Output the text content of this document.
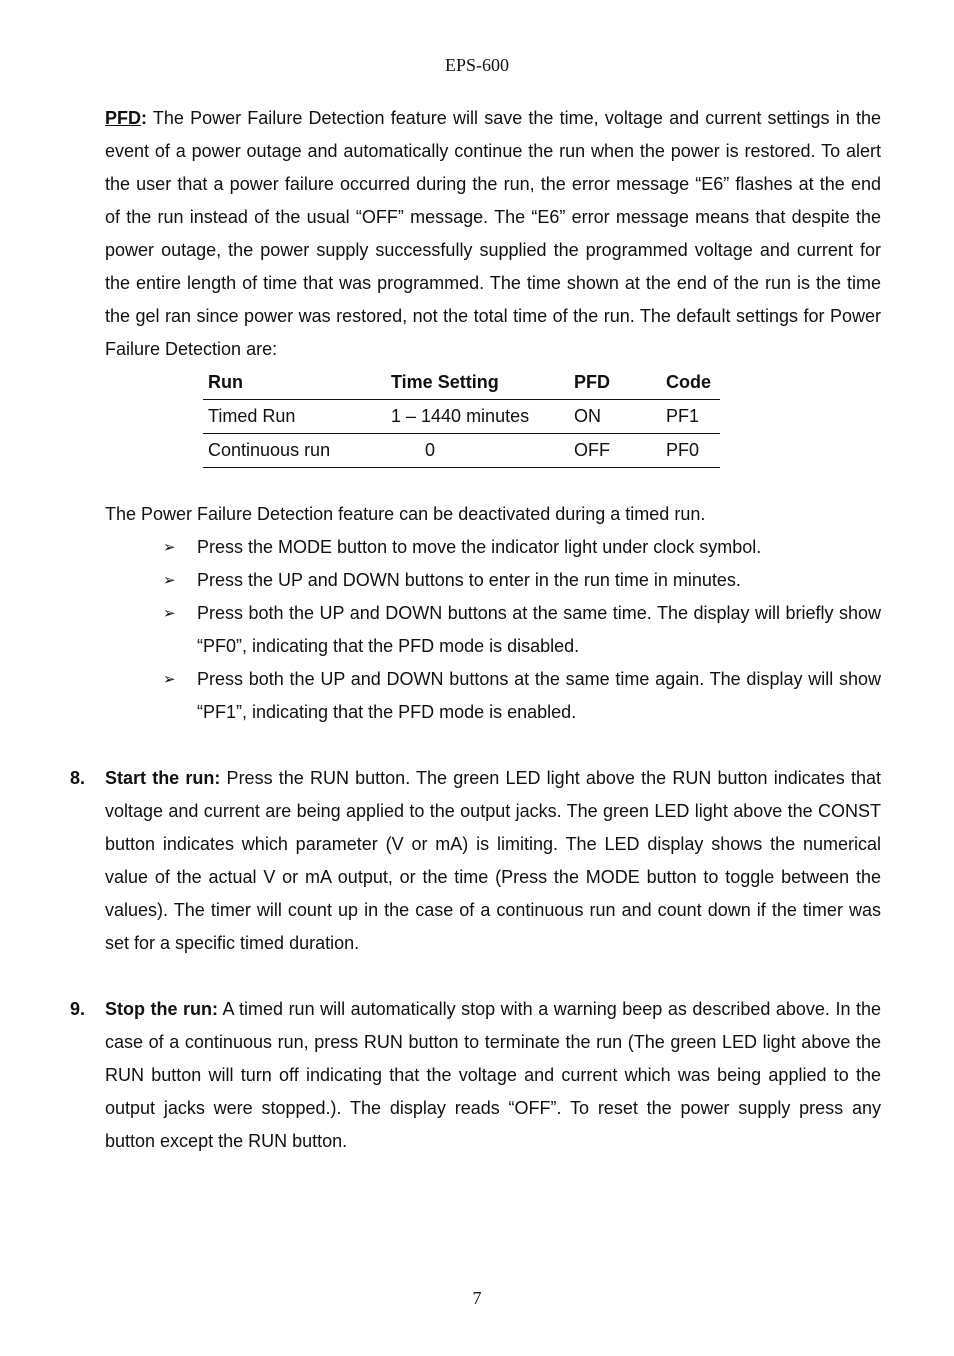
EPS-600

PFD: The Power Failure Detection feature will save the time, voltage and current settings in the event of a power outage and automatically continue the run when the power is restored. To alert the user that a power failure occurred during the run, the error message “E6” flashes at the end of the run instead of the usual “OFF” message. The “E6” error message means that despite the power outage, the power supply successfully supplied the programmed voltage and current for the entire length of time that was programmed. The time shown at the end of the run is the time the gel ran since power was restored, not the total time of the run. The default settings for Power Failure Detection are:

Run	Time Setting	PFD	Code
Timed Run	1 – 1440 minutes	ON	PF1
Continuous run	0	OFF	PF0

The Power Failure Detection feature can be deactivated during a timed run.

➢ Press the MODE button to move the indicator light under clock symbol.
➢ Press the UP and DOWN buttons to enter in the run time in minutes.
➢ Press both the UP and DOWN buttons at the same time. The display will briefly show “PF0”, indicating that the PFD mode is disabled.
➢ Press both the UP and DOWN buttons at the same time again. The display will show “PF1”, indicating that the PFD mode is enabled.

8. Start the run: Press the RUN button. The green LED light above the RUN button indicates that voltage and current are being applied to the output jacks. The green LED light above the CONST button indicates which parameter (V or mA) is limiting. The LED display shows the numerical value of the actual V or mA output, or the time (Press the MODE button to toggle between the values). The timer will count up in the case of a continuous run and count down if the timer was set for a specific timed duration.

9. Stop the run: A timed run will automatically stop with a warning beep as described above. In the case of a continuous run, press RUN button to terminate the run (The green LED light above the RUN button will turn off indicating that the voltage and current which was being applied to the output jacks were stopped.). The display reads “OFF”. To reset the power supply press any button except the RUN button.

7
